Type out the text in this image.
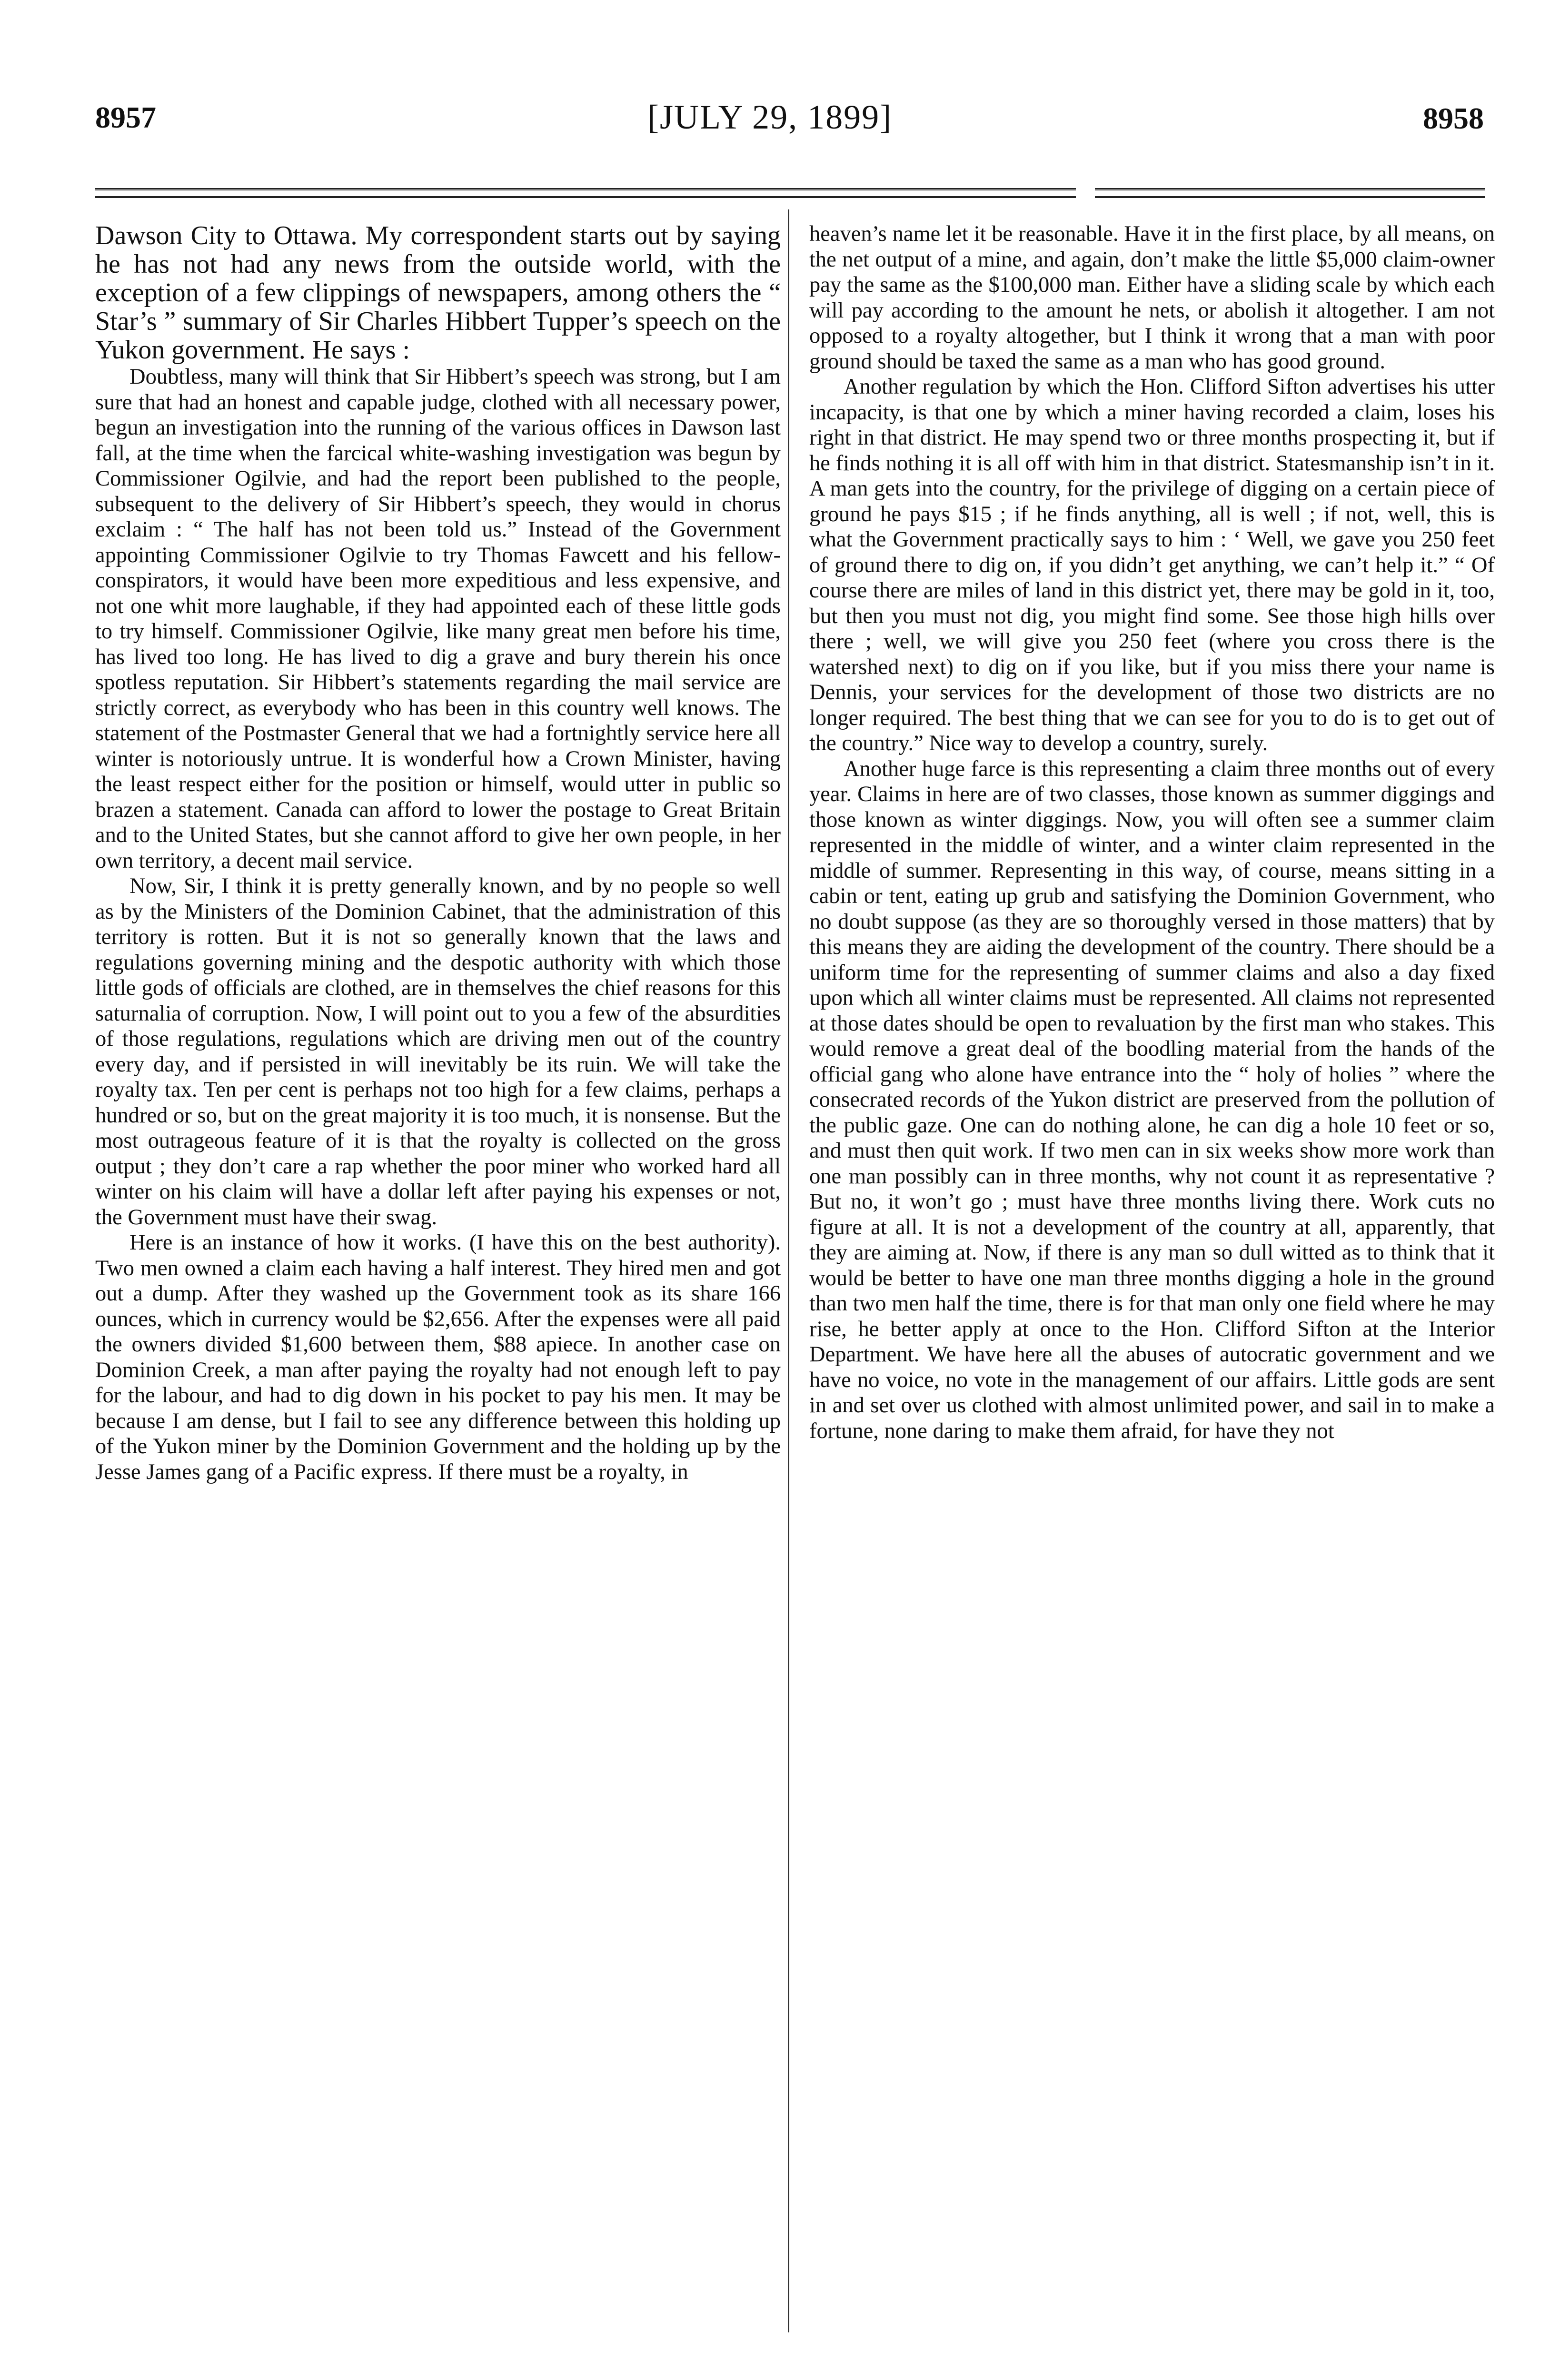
8957	[JULY 29, 1899]	8958

Dawson City to Ottawa. My correspondent starts out by saying he has not had any news from the outside world, with the exception of a few clippings of newspapers, among others the “ Star’s ” summary of Sir Charles Hibbert Tupper’s speech on the Yukon government. He says :

Doubtless, many will think that Sir Hibbert’s speech was strong, but I am sure that had an honest and capable judge, clothed with all necessary power, begun an investigation into the running of the various offices in Dawson last fall, at the time when the farcical white-washing investigation was begun by Commissioner Ogilvie, and had the report been published to the people, subsequent to the delivery of Sir Hibbert’s speech, they would in chorus exclaim : “ The half has not been told us.” Instead of the Government appointing Commissioner Ogilvie to try Thomas Fawcett and his fellow-conspirators, it would have been more expeditious and less expensive, and not one whit more laughable, if they had appointed each of these little gods to try himself. Commissioner Ogilvie, like many great men before his time, has lived too long. He has lived to dig a grave and bury therein his once spotless reputation. Sir Hibbert’s statements regarding the mail service are strictly correct, as everybody who has been in this country well knows. The statement of the Postmaster General that we had a fortnightly service here all winter is notoriously untrue. It is wonderful how a Crown Minister, having the least respect either for the position or himself, would utter in public so brazen a statement. Canada can afford to lower the postage to Great Britain and to the United States, but she cannot afford to give her own people, in her own territory, a decent mail service.

Now, Sir, I think it is pretty generally known, and by no people so well as by the Ministers of the Dominion Cabinet, that the administration of this territory is rotten. But it is not so generally known that the laws and regulations governing mining and the despotic authority with which those little gods of officials are clothed, are in themselves the chief reasons for this saturnalia of corruption. Now, I will point out to you a few of the absurdities of those regulations, regulations which are driving men out of the country every day, and if persisted in will inevitably be its ruin. We will take the royalty tax. Ten per cent is perhaps not too high for a few claims, perhaps a hundred or so, but on the great majority it is too much, it is nonsense. But the most outrageous feature of it is that the royalty is collected on the gross output ; they don’t care a rap whether the poor miner who worked hard all winter on his claim will have a dollar left after paying his expenses or not, the Government must have their swag.

Here is an instance of how it works. (I have this on the best authority). Two men owned a claim each having a half interest. They hired men and got out a dump. After they washed up the Government took as its share 166 ounces, which in currency would be $2,656. After the expenses were all paid the owners divided $1,600 between them, $88 apiece. In another case on Dominion Creek, a man after paying the royalty had not enough left to pay for the labour, and had to dig down in his pocket to pay his men. It may be because I am dense, but I fail to see any difference between this holding up of the Yukon miner by the Dominion Government and the holding up by the Jesse James gang of a Pacific express. If there must be a royalty, in

heaven’s name let it be reasonable. Have it in the first place, by all means, on the net output of a mine, and again, don’t make the little $5,000 claim-owner pay the same as the $100,000 man. Either have a sliding scale by which each will pay according to the amount he nets, or abolish it altogether. I am not opposed to a royalty altogether, but I think it wrong that a man with poor ground should be taxed the same as a man who has good ground.

Another regulation by which the Hon. Clifford Sifton advertises his utter incapacity, is that one by which a miner having recorded a claim, loses his right in that district. He may spend two or three months prospecting it, but if he finds nothing it is all off with him in that district. Statesmanship isn’t in it. A man gets into the country, for the privilege of digging on a certain piece of ground he pays $15 ; if he finds anything, all is well ; if not, well, this is what the Government practically says to him : ‘ Well, we gave you 250 feet of ground there to dig on, if you didn’t get anything, we can’t help it.” “ Of course there are miles of land in this district yet, there may be gold in it, too, but then you must not dig, you might find some. See those high hills over there ; well, we will give you 250 feet (where you cross there is the watershed next) to dig on if you like, but if you miss there your name is Dennis, your services for the development of those two districts are no longer required. The best thing that we can see for you to do is to get out of the country.” Nice way to develop a country, surely.

Another huge farce is this representing a claim three months out of every year. Claims in here are of two classes, those known as summer diggings and those known as winter diggings. Now, you will often see a summer claim represented in the middle of winter, and a winter claim represented in the middle of summer. Representing in this way, of course, means sitting in a cabin or tent, eating up grub and satisfying the Dominion Government, who no doubt suppose (as they are so thoroughly versed in those matters) that by this means they are aiding the development of the country. There should be a uniform time for the representing of summer claims and also a day fixed upon which all winter claims must be represented. All claims not represented at those dates should be open to revaluation by the first man who stakes. This would remove a great deal of the boodling material from the hands of the official gang who alone have entrance into the “ holy of holies ” where the consecrated records of the Yukon district are preserved from the pollution of the public gaze. One can do nothing alone, he can dig a hole 10 feet or so, and must then quit work. If two men can in six weeks show more work than one man possibly can in three months, why not count it as representative ? But no, it won’t go ; must have three months living there. Work cuts no figure at all. It is not a development of the country at all, apparently, that they are aiming at. Now, if there is any man so dull witted as to think that it would be better to have one man three months digging a hole in the ground than two men half the time, there is for that man only one field where he may rise, he better apply at once to the Hon. Clifford Sifton at the Interior Department. We have here all the abuses of autocratic government and we have no voice, no vote in the management of our affairs. Little gods are sent in and set over us clothed with almost unlimited power, and sail in to make a fortune, none daring to make them afraid, for have they not
